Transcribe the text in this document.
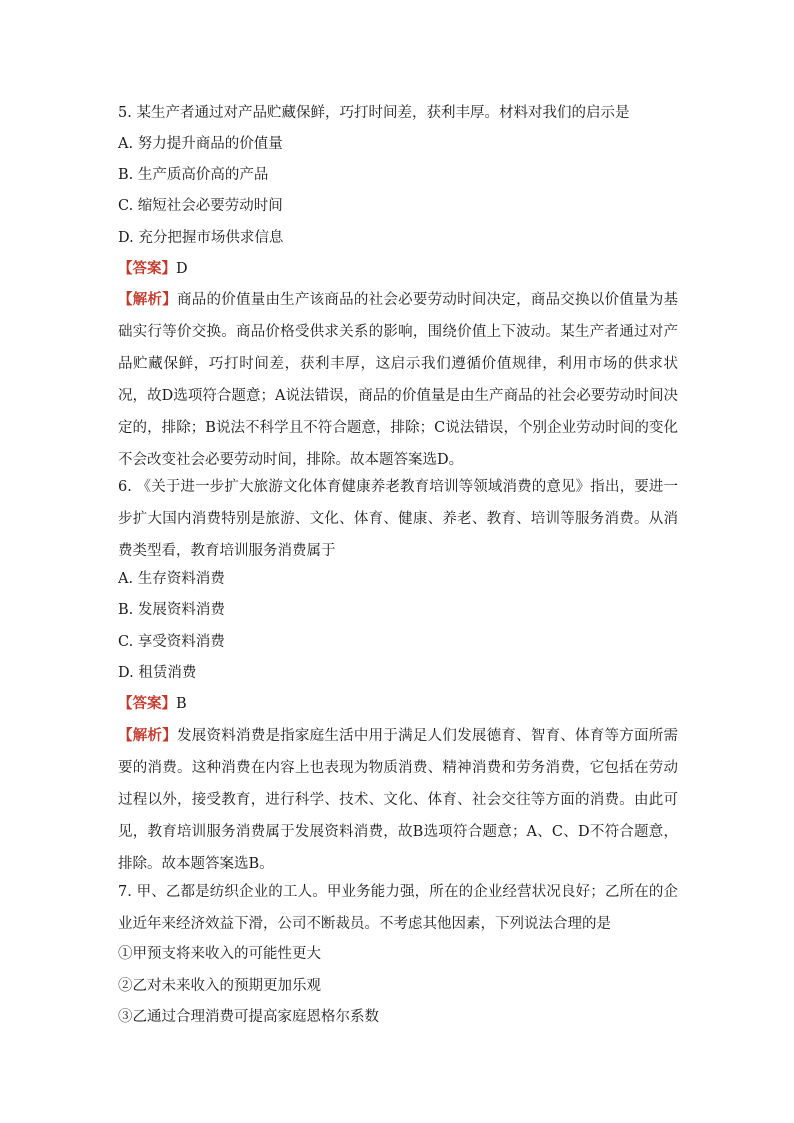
5. 某生产者通过对产品贮藏保鲜，巧打时间差，获利丰厚。材料对我们的启示是
A. 努力提升商品的价值量
B. 生产质高价高的产品
C. 缩短社会必要劳动时间
D. 充分把握市场供求信息
【答案】D
【解析】商品的价值量由生产该商品的社会必要劳动时间决定，商品交换以价值量为基础实行等价交换。商品价格受供求关系的影响，围绕价值上下波动。某生产者通过对产品贮藏保鲜，巧打时间差，获利丰厚，这启示我们遵循价值规律，利用市场的供求状况，故D选项符合题意；A说法错误，商品的价值量是由生产商品的社会必要劳动时间决定的，排除；B说法不科学且不符合题意，排除；C说法错误，个别企业劳动时间的变化不会改变社会必要劳动时间，排除。故本题答案选D。
6. 《关于进一步扩大旅游文化体育健康养老教育培训等领域消费的意见》指出，要进一步扩大国内消费特别是旅游、文化、体育、健康、养老、教育、培训等服务消费。从消费类型看，教育培训服务消费属于
A. 生存资料消费
B. 发展资料消费
C. 享受资料消费
D. 租赁消费
【答案】B
【解析】发展资料消费是指家庭生活中用于满足人们发展德育、智育、体育等方面所需要的消费。这种消费在内容上也表现为物质消费、精神消费和劳务消费，它包括在劳动过程以外，接受教育，进行科学、技术、文化、体育、社会交往等方面的消费。由此可见，教育培训服务消费属于发展资料消费，故B选项符合题意；A、C、D不符合题意，排除。故本题答案选B。
7. 甲、乙都是纺织企业的工人。甲业务能力强，所在的企业经营状况良好；乙所在的企业近年来经济效益下滑，公司不断裁员。不考虑其他因素，下列说法合理的是
①甲预支将来收入的可能性更大
②乙对未来收入的预期更加乐观
③乙通过合理消费可提高家庭恩格尔系数
